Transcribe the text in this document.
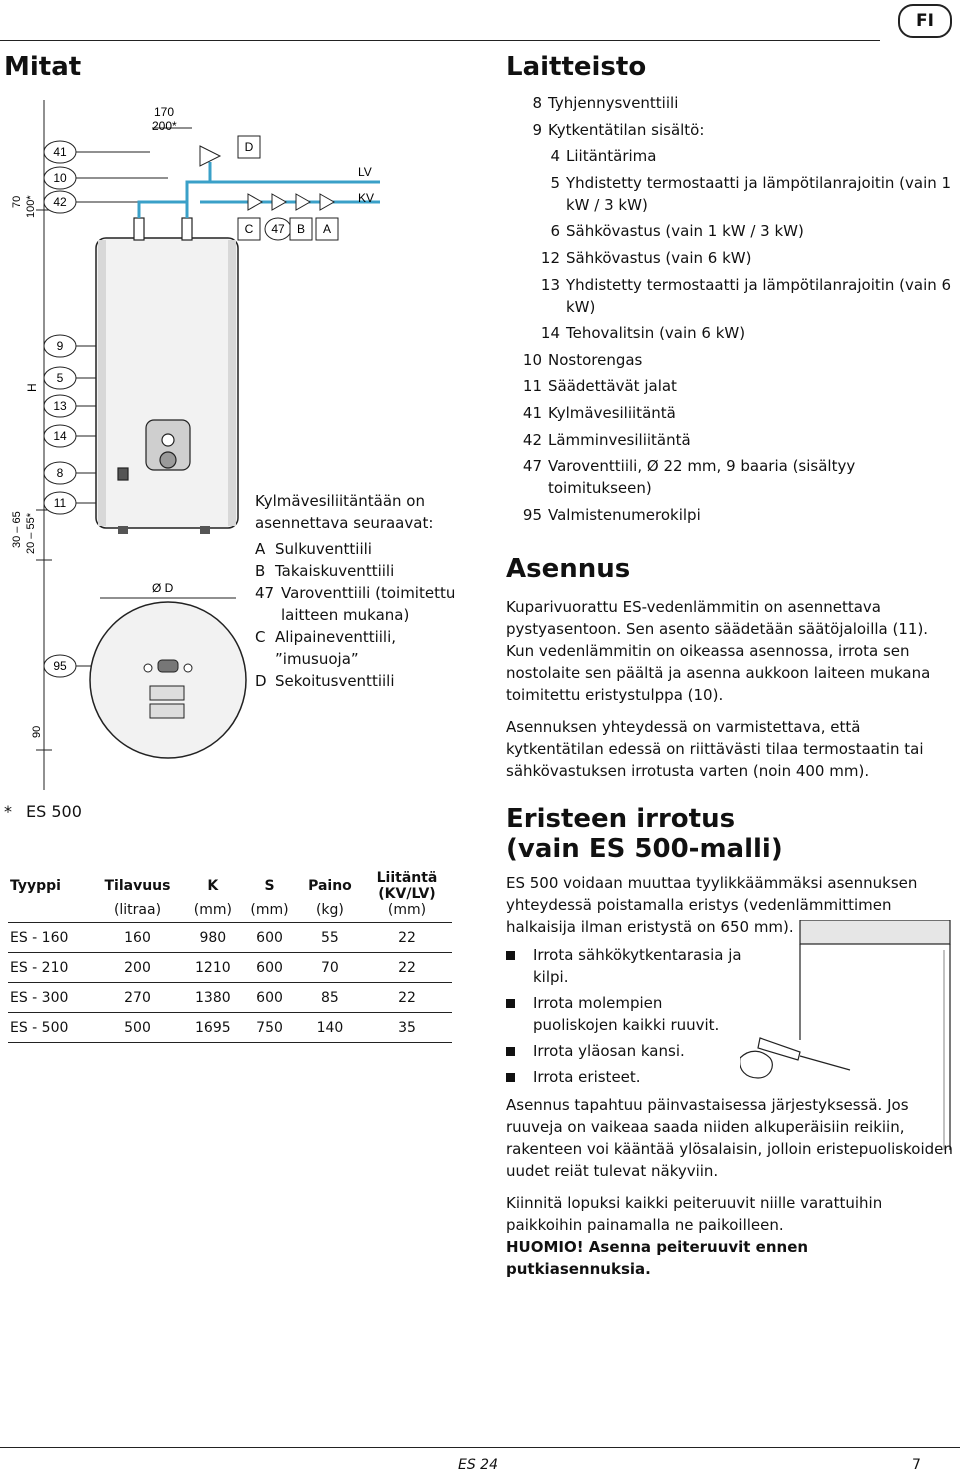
FI
Mitat	Laitteisto
70 100*
H
30 – 65 20 – 55*
90
170
200*
41
10
42
9
5
13
14
8
11
95
D
C 47 B A
LV
KV
Ø D
Kylmävesiliitäntään on asennettava seuraavat:
A Sulkuventtiili
B Takaiskuventtiili
47 Varoventtiili (toimitettu laitteen mukana)
C Alipaineventtiili, ”imusuoja”
D Sekoitusventtiili
8 Tyhjennysventtiili
9 Kytkentätilan sisältö:
4 Liitäntärima
5 Yhdistetty termostaatti ja lämpötilanrajoitin (vain 1 kW / 3 kW)
6 Sähkövastus (vain 1 kW / 3 kW)
12 Sähkövastus (vain 6 kW)
13 Yhdistetty termostaatti ja lämpötilanrajoitin (vain 6 kW)
14 Tehovalitsin (vain 6 kW)
10 Nostorengas
11 Säädettävät jalat
41 Kylmävesiliitäntä
42 Lämminvesiliitäntä
47 Varoventtiili, Ø 22 mm, 9 baaria (sisältyy toimitukseen)
95 Valmistenumerokilpi
Asennus

Kuparivuorattu ES-vedenlämmitin on asennettava pystyasentoon. Sen asento säädetään säätöjaloilla (11). Kun vedenlämmitin on oikeassa asennossa, irrota sen nostolaite sen päältä ja asenna aukkoon laiteen mukana toimitettu eristystulppa (10).

Asennuksen yhteydessä on varmistettava, että kytkentätilan edessä on riittävästi tilaa termostaatin tai sähkövastuksen irrotusta varten (noin 400 mm).

* ES 500
Tyyppi	Tilavuus	K	S	Paino	Liitäntä (KV/LV)
	(litraa)	(mm)	(mm)	(kg)	(mm)
ES - 160	160	980	600	55	22
ES - 210	200	1210	600	70	22
ES - 300	270	1380	600	85	22
ES - 500	500	1695	750	140	35
Eristeen irrotus
(vain ES 500-malli)

ES 500 voidaan muuttaa tyylikkäämmäksi asennuksen yhteydessä poistamalla eristys (vedenlämmittimen halkaisija ilman eristystä on 650 mm).

Irrota sähkökytkentarasia ja kilpi.
Irrota molempien puoliskojen kaikki ruuvit.
Irrota yläosan kansi.
Irrota eristeet.

Asennus tapahtuu päinvastaisessa järjestyksessä. Jos ruuveja on vaikeaa saada niiden alkuperäisiin reikiin, rakenteen voi kääntää ylösalaisin, jolloin eristepuoliskoiden uudet reiät tulevat näkyviin.

Kiinnitä lopuksi kaikki peiteruuvit niille varattuihin paikkoihin painamalla ne paikoilleen.

HUOMIO! Asenna peiteruuvit ennen putkiasennuksia.

ES 24	7
